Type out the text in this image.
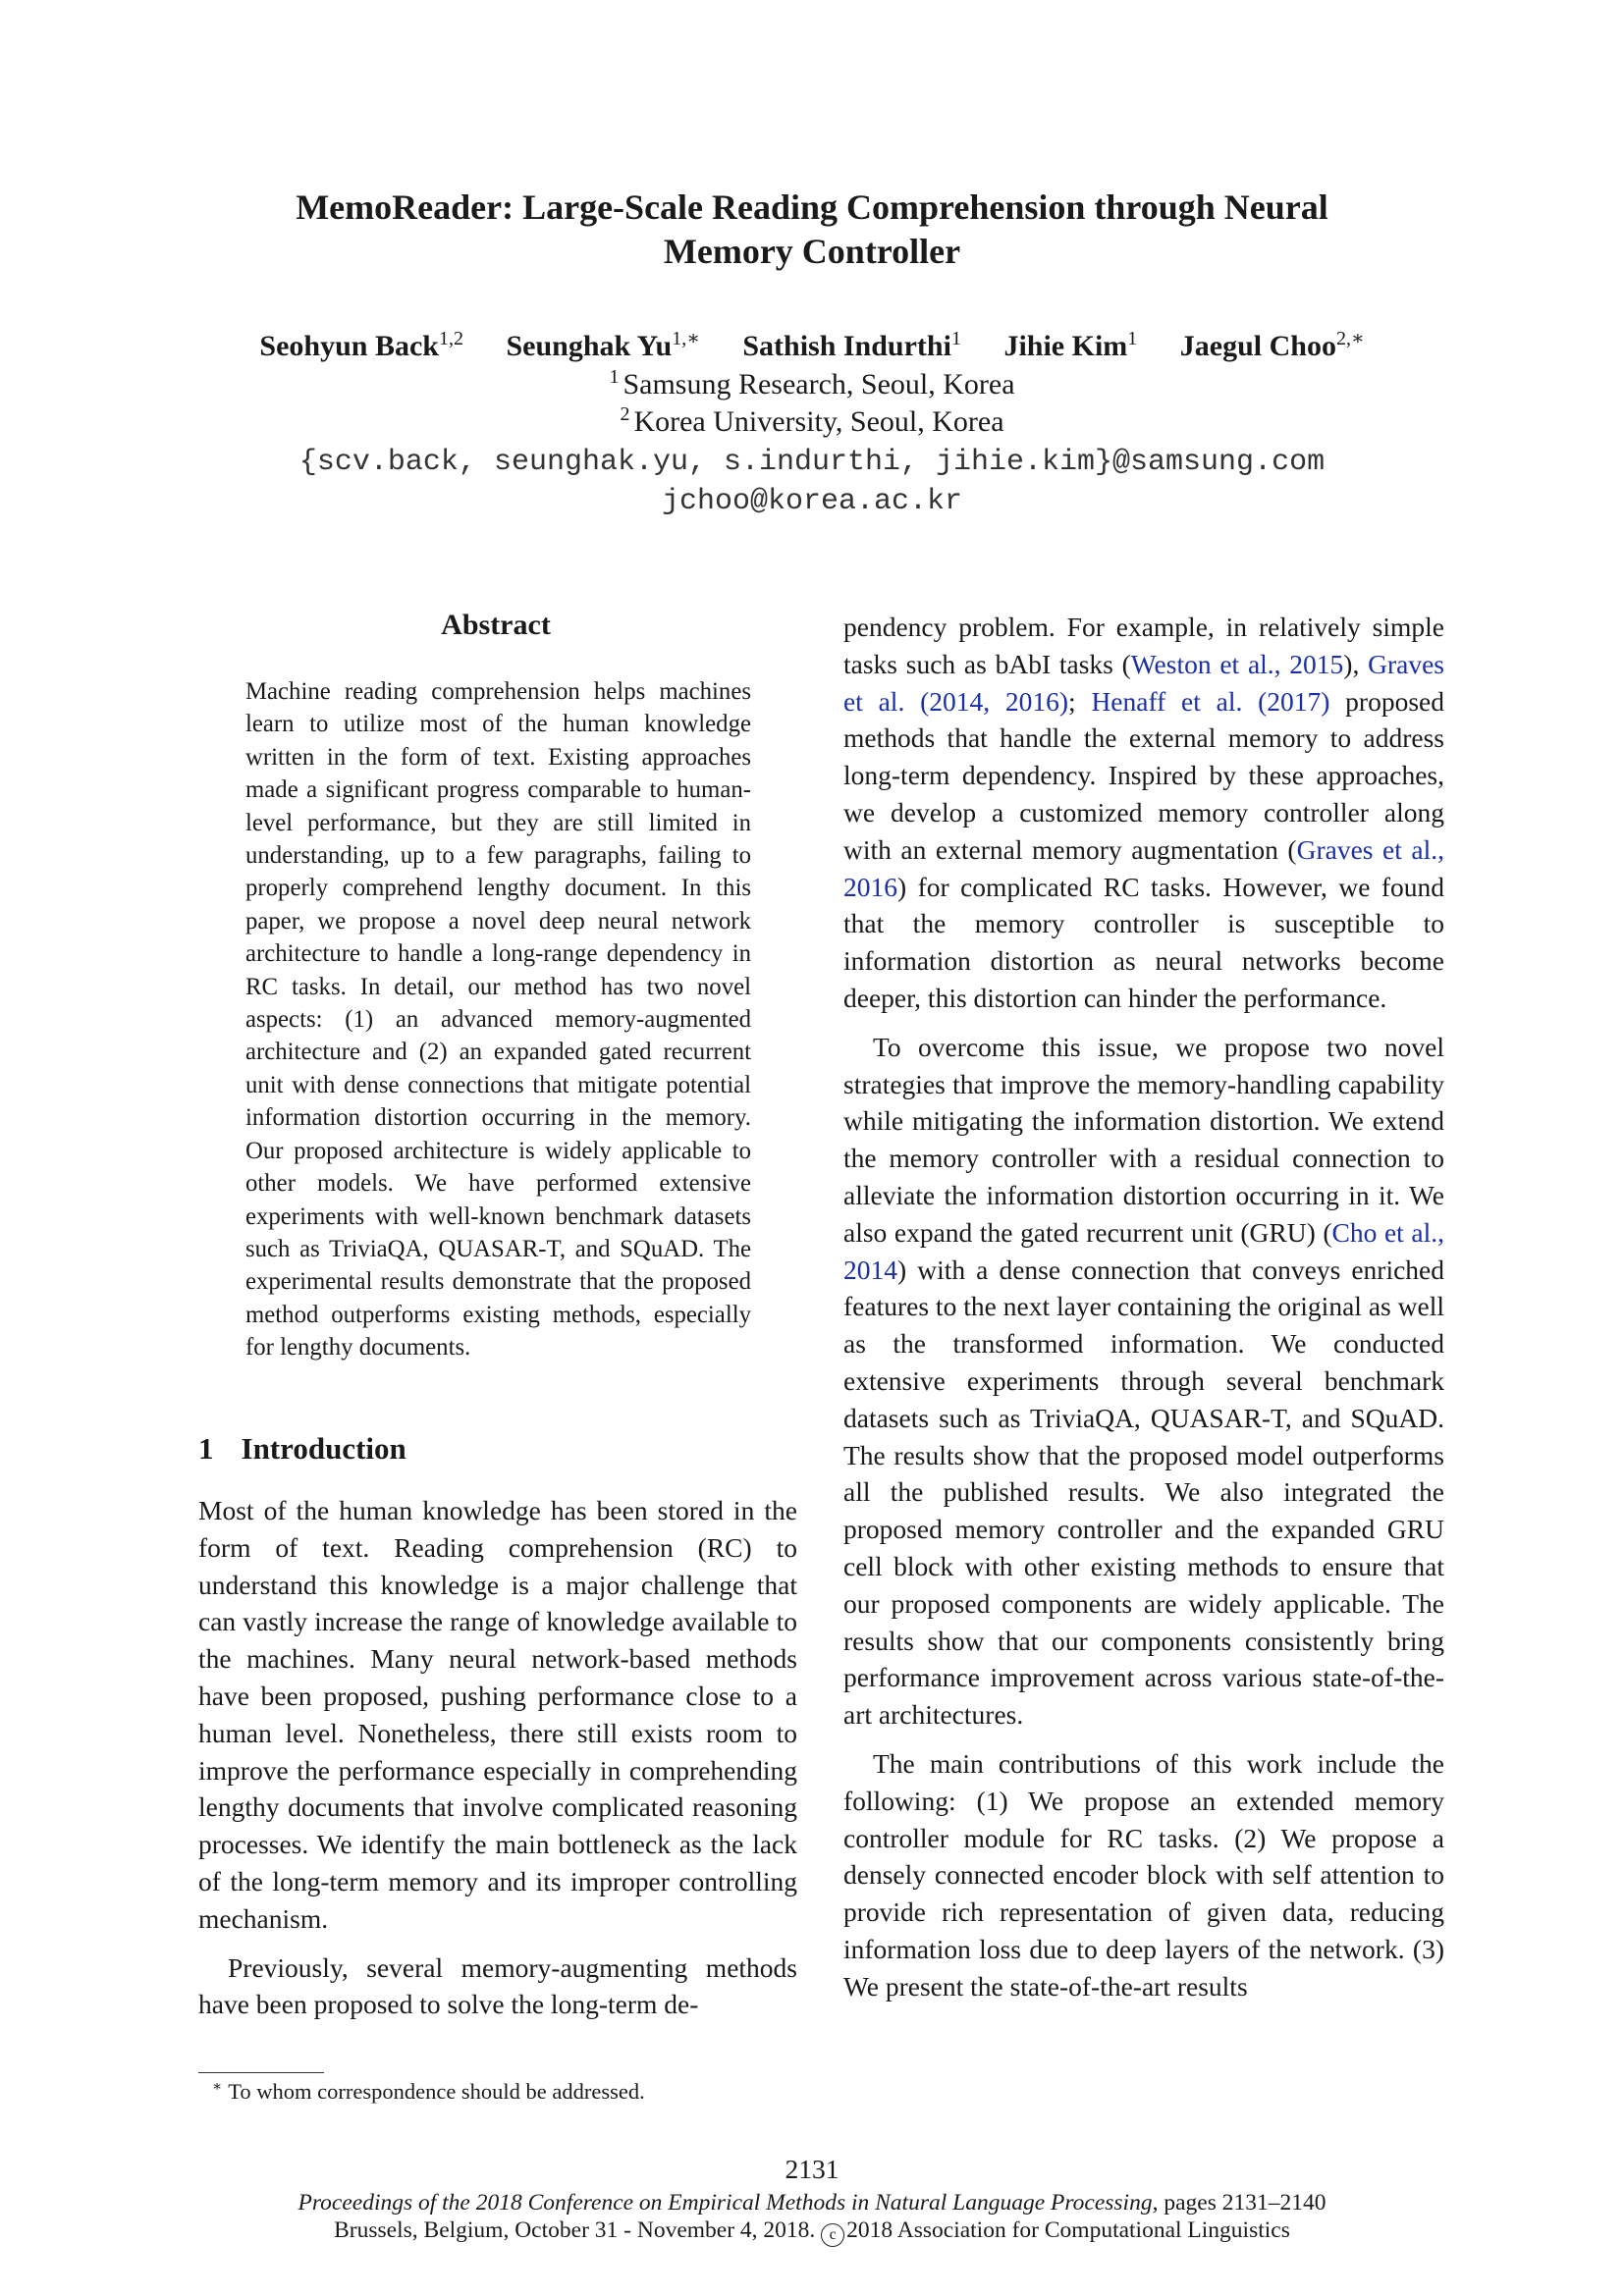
MemoReader: Large-Scale Reading Comprehension through Neural
Memory Controller
Seohyun Back$^{1,2}$ Seunghak $Yu^{1,∗}$ Sathish Indurthi$^1$ Jihie Kim$^1$ Jaegul Choo$^{2,∗}$
$^1$ Samsung Research, Seoul, Korea
$^2$ Korea University, Seoul, Korea
{scv.back, seunghak.yu, s.indurthi, jihie.kim}@samsung.com
jchoo@korea.ac.kr
Abstract
Machine reading comprehension helps machines learn to utilize most of the human knowledge written in the form of text. Existing approaches made a significant progress comparable to human-level performance, but they are still limited in understanding, up to a few paragraphs, failing to properly comprehend lengthy document. In this paper, we propose a novel deep neural network architecture to handle a long-range dependency in RC tasks. In detail, our method has two novel aspects: (1) an advanced memory-augmented architecture and (2) an expanded gated recurrent unit with dense connections that mitigate potential information distortion occurring in the memory. Our proposed architecture is widely applicable to other models. We have performed extensive experiments with well-known benchmark datasets such as TriviaQA, QUASAR-T, and SQuAD. The experimental results demonstrate that the proposed method outperforms existing methods, especially for lengthy documents.
1 Introduction

Most of the human knowledge has been stored in the form of text. Reading comprehension (RC) to understand this knowledge is a major challenge that can vastly increase the range of knowledge available to the machines. Many neural network-based methods have been proposed, pushing performance close to a human level. Nonetheless, there still exists room to improve the performance especially in comprehending lengthy documents that involve complicated reasoning processes. We identify the main bottleneck as the lack of the long-term memory and its improper controlling mechanism.

Previously, several memory-augmenting methods have been proposed to solve the long-term de-

pendency problem. For example, in relatively simple tasks such as bAbI tasks (Weston et al., 2015), Graves et al. (2014, 2016); Henaff et al. (2017) proposed methods that handle the external memory to address long-term dependency. Inspired by these approaches, we develop a customized memory controller along with an external memory augmentation (Graves et al., 2016) for complicated RC tasks. However, we found that the memory controller is susceptible to information distortion as neural networks become deeper, this distortion can hinder the performance.

To overcome this issue, we propose two novel strategies that improve the memory-handling capability while mitigating the information distortion. We extend the memory controller with a residual connection to alleviate the information distortion occurring in it. We also expand the gated recurrent unit (GRU) (Cho et al., 2014) with a dense connection that conveys enriched features to the next layer containing the original as well as the transformed information. We conducted extensive experiments through several benchmark datasets such as TriviaQA, QUASAR-T, and SQuAD. The results show that the proposed model outperforms all the published results. We also integrated the proposed memory controller and the expanded GRU cell block with other existing methods to ensure that our proposed components are widely applicable. The results show that our components consistently bring performance improvement across various state-of-the-art architectures.

The main contributions of this work include the following: (1) We propose an extended memory controller module for RC tasks. (2) We propose a densely connected encoder block with self attention to provide rich representation of given data, reducing information loss due to deep layers of the network. (3) We present the state-of-the-art results

∗ To whom correspondence should be addressed.
2131
Proceedings of the 2018 Conference on Empirical Methods in Natural Language Processing, pages 2131–2140
Brussels, Belgium, October 31 - November 4, 2018. c 2018 Association for Computational Linguistics
